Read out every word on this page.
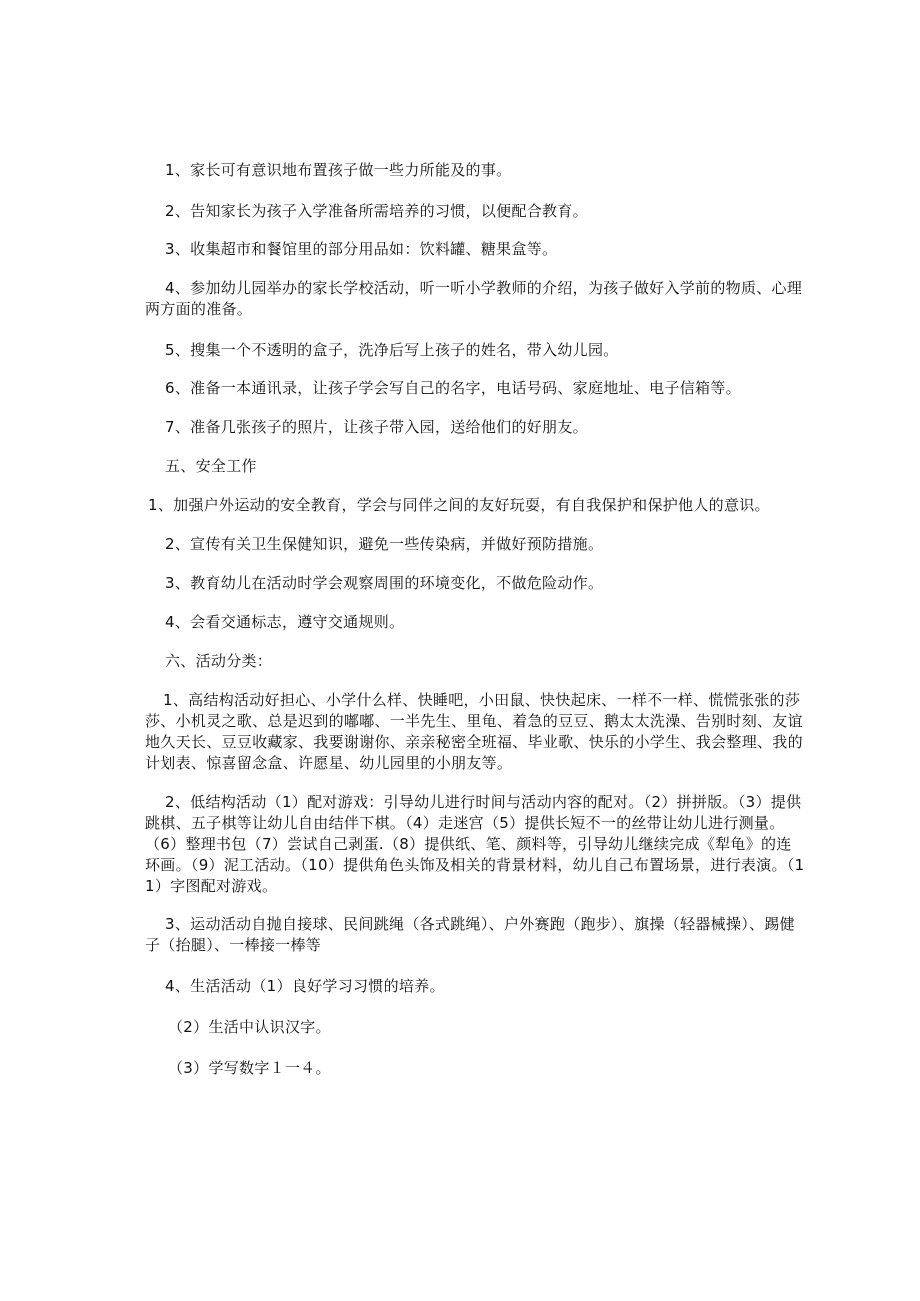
1、家长可有意识地布置孩子做一些力所能及的事。

2、告知家长为孩子入学准备所需培养的习惯，以便配合教育。

3、收集超市和餐馆里的部分用品如：饮料罐、糖果盒等。

4、参加幼儿园举办的家长学校活动，听一听小学教师的介绍，为孩子做好入学前的物质、心理两方面的准备。

5、搜集一个不透明的盒子，洗净后写上孩子的姓名，带入幼儿园。

6、准备一本通讯录，让孩子学会写自己的名字，电话号码、家庭地址、电子信箱等。

7、准备几张孩子的照片，让孩子带入园，送给他们的好朋友。

五、安全工作

1、加强户外运动的安全教育，学会与同伴之间的友好玩耍，有自我保护和保护他人的意识。

2、宣传有关卫生保健知识，避免一些传染病，并做好预防措施。

3、教育幼儿在活动时学会观察周围的环境变化，不做危险动作。

4、会看交通标志，遵守交通规则。

六、活动分类：

1、高结构活动好担心、小学什么样、快睡吧，小田鼠、快快起床、一样不一样、慌慌张张的莎莎、小机灵之歌、总是迟到的嘟嘟、一半先生、里龟、着急的豆豆、鹅太太洗澡、告别时刻、友谊地久天长、豆豆收藏家、我要谢谢你、亲亲秘密全班福、毕业歌、快乐的小学生、我会整理、我的计划表、惊喜留念盒、许愿星、幼儿园里的小朋友等。

2、低结构活动（1）配对游戏：引导幼儿进行时间与活动内容的配对。（2）拼拼版。（3）提供跳棋、五子棋等让幼儿自由结伴下棋。（4）走迷宫（5）提供长短不一的丝带让幼儿进行测量。（6）整理书包（7）尝试自己剥蛋.（8）提供纸、笔、颜料等，引导幼儿继续完成《犁龟》的连环画。（9）泥工活动。（10）提供角色头饰及相关的背景材料，幼儿自己布置场景，进行表演。（11）字图配对游戏。

3、运动活动自抛自接球、民间跳绳（各式跳绳）、户外赛跑（跑步）、旗操（轻器械操）、踢健子（抬腿）、一棒接一棒等

4、生活活动（1）良好学习习惯的培养。

（2）生活中认识汉字。

（3）学写数字１一４。
